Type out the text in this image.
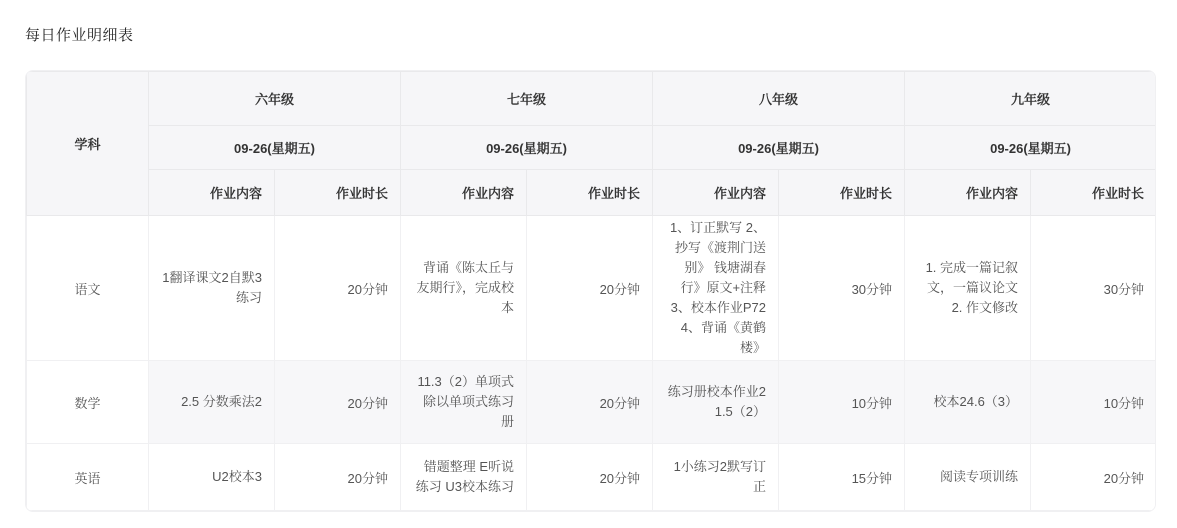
每日作业明细表
学科	六年级		七年级		八年级		九年级	
	09-26(星期五)		09-26(星期五)		09-26(星期五)		09-26(星期五)	
	作业内容	作业时长	作业内容	作业时长	作业内容	作业时长	作业内容	作业时长
语文	1翻译课文2自默3练习	20分钟	背诵《陈太丘与友期行》，完成校本	20分钟	1、订正默写 2、抄写《渡荆门送别》 钱塘湖春行》原文+注释 3、校本作业P72 4、背诵《黄鹤楼》	30分钟	1. 完成一篇记叙文，一篇议论文 2. 作文修改	30分钟
数学	2.5 分数乘法2	20分钟	11.3（2）单项式除以单项式练习册	20分钟	练习册校本作业21.5（2）	10分钟	校本24.6（3）	10分钟
英语	U2校本3	20分钟	错题整理 E听说练习 U3校本练习	20分钟	1小练习2默写订正	15分钟	阅读专项训练	20分钟
